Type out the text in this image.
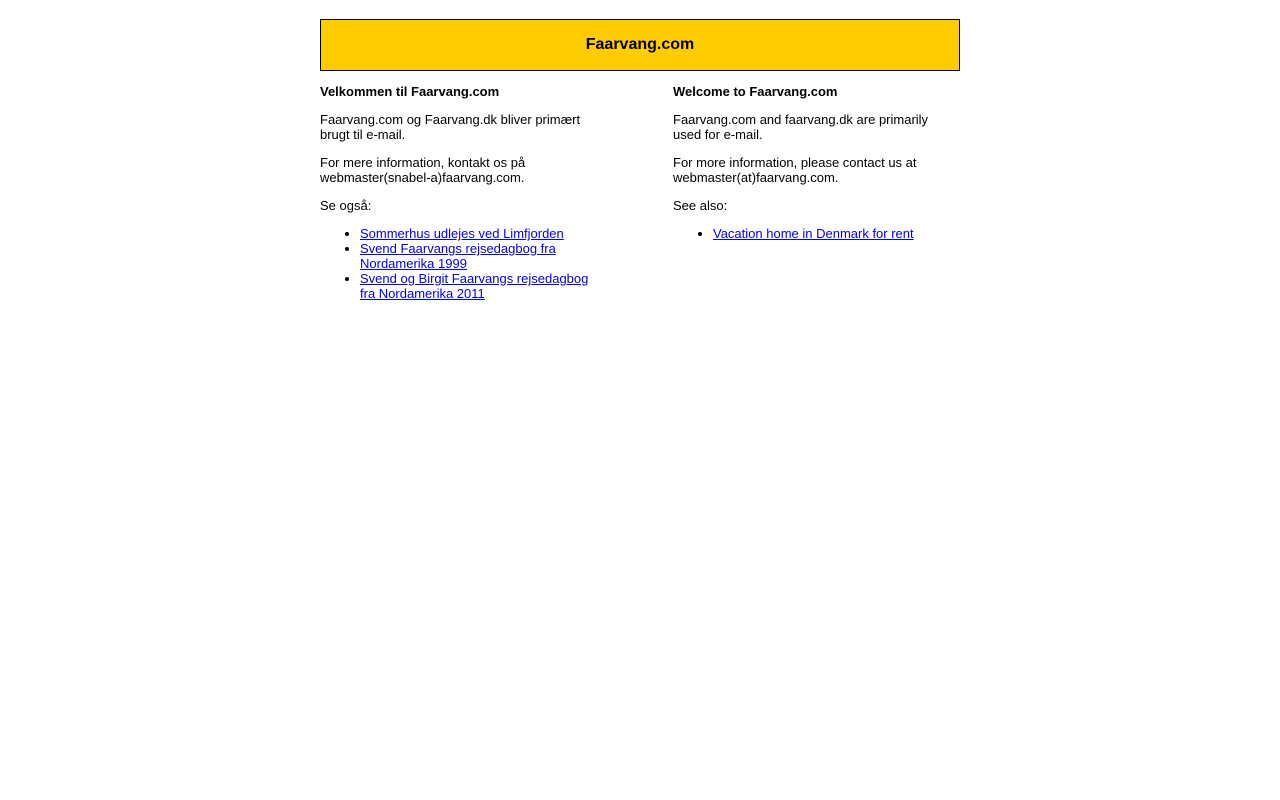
Faarvang.com
Velkommen til Faarvang.com

Faarvang.com og Faarvang.dk bliver primært brugt til e-mail.

For mere information, kontakt os på webmaster(snabel-a)faarvang.com.

Se også:

• Sommerhus udlejes ved Limfjorden
• Svend Faarvangs rejsedagbog fra Nordamerika 1999
• Svend og Birgit Faarvangs rejsedagbog fra Nordamerika 2011
Welcome to Faarvang.com

Faarvang.com and faarvang.dk are primarily used for e-mail.

For more information, please contact us at webmaster(at)faarvang.com.

See also:

• Vacation home in Denmark for rent
